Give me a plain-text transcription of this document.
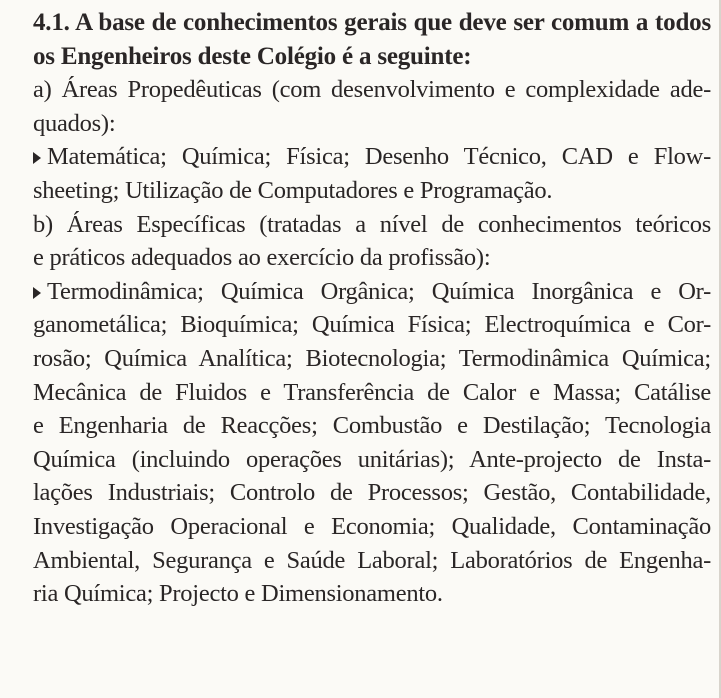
4.1. A base de conhecimentos gerais que deve ser comum a todos
os Engenheiros deste Colégio é a seguinte:
a) Áreas Propedêuticas (com desenvolvimento e complexidade ade-
quados):
Matemática; Química; Física; Desenho Técnico, CAD e Flow-
sheeting; Utilização de Computadores e Programação.
b) Áreas Específicas (tratadas a nível de conhecimentos teóricos
e práticos adequados ao exercício da profissão):
Termodinâmica; Química Orgânica; Química Inorgânica e Or-
ganometálica; Bioquímica; Química Física; Electroquímica e Cor-
rosão; Química Analítica; Biotecnologia; Termodinâmica Química;
Mecânica de Fluidos e Transferência de Calor e Massa; Catálise
e Engenharia de Reacções; Combustão e Destilação; Tecnologia
Química (incluindo operações unitárias); Ante-projecto de Insta-
lações Industriais; Controlo de Processos; Gestão, Contabilidade,
Investigação Operacional e Economia; Qualidade, Contaminação
Ambiental, Segurança e Saúde Laboral; Laboratórios de Engenha-
ria Química; Projecto e Dimensionamento.
